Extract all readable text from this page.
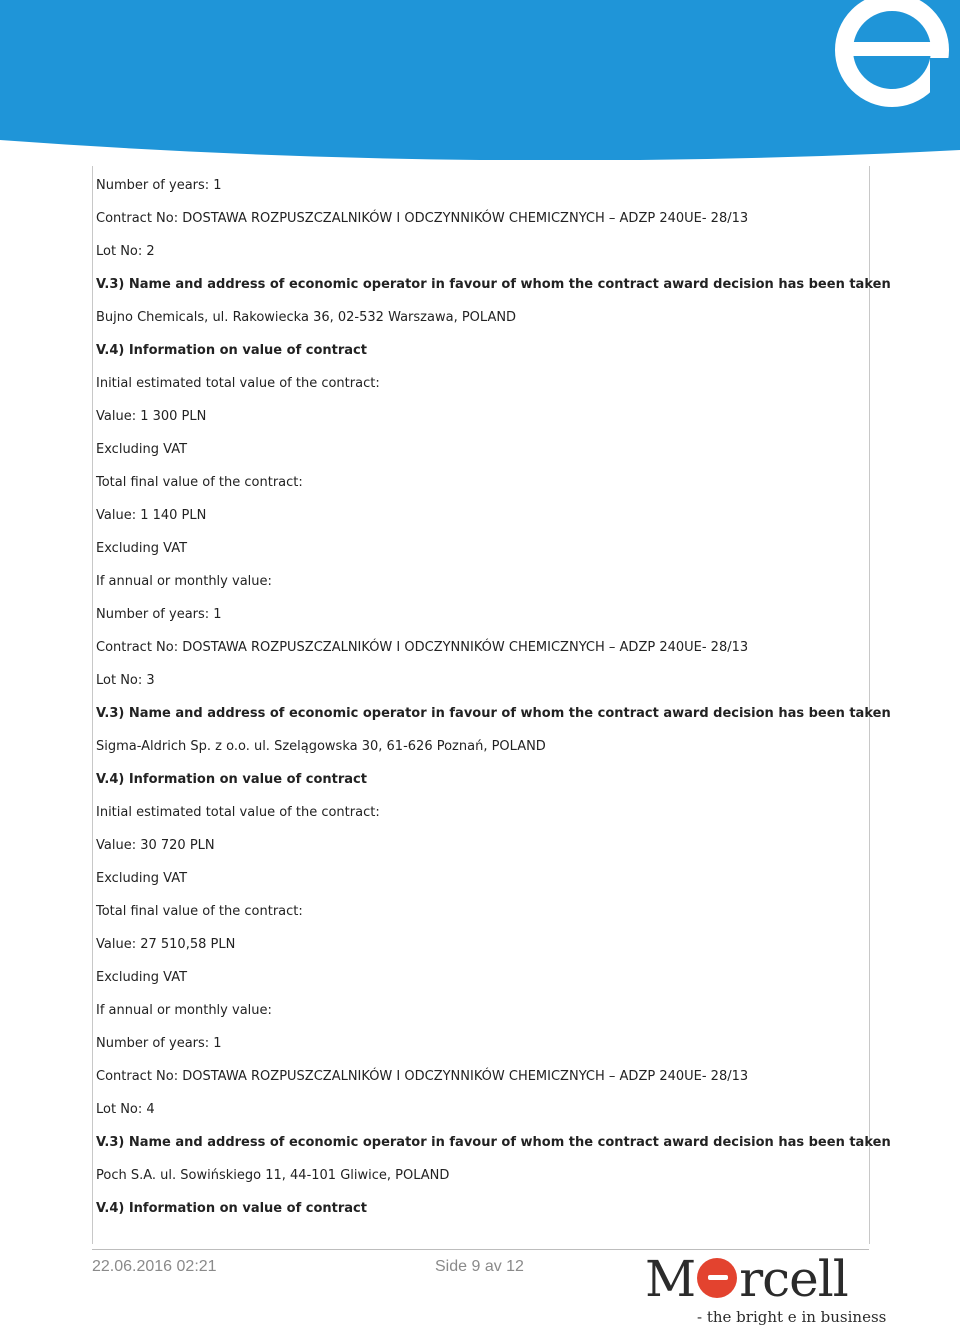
Number of years: 1
Contract No: DOSTAWA ROZPUSZCZALNIKÓW I ODCZYNNIKÓW CHEMICZNYCH – ADZP 240UE- 28/13
Lot No: 2
V.3) Name and address of economic operator in favour of whom the contract award decision has been taken
Bujno Chemicals, ul. Rakowiecka 36, 02-532 Warszawa, POLAND
V.4) Information on value of contract
Initial estimated total value of the contract:
Value: 1 300 PLN
Excluding VAT
Total final value of the contract:
Value: 1 140 PLN
Excluding VAT
If annual or monthly value:
Number of years: 1
Contract No: DOSTAWA ROZPUSZCZALNIKÓW I ODCZYNNIKÓW CHEMICZNYCH – ADZP 240UE- 28/13
Lot No: 3
V.3) Name and address of economic operator in favour of whom the contract award decision has been taken
Sigma-Aldrich Sp. z o.o. ul. Szelągowska 30, 61-626 Poznań, POLAND
V.4) Information on value of contract
Initial estimated total value of the contract:
Value: 30 720 PLN
Excluding VAT
Total final value of the contract:
Value: 27 510,58 PLN
Excluding VAT
If annual or monthly value:
Number of years: 1
Contract No: DOSTAWA ROZPUSZCZALNIKÓW I ODCZYNNIKÓW CHEMICZNYCH – ADZP 240UE- 28/13
Lot No: 4
V.3) Name and address of economic operator in favour of whom the contract award decision has been taken
Poch S.A. ul. Sowińskiego 11, 44-101 Gliwice, POLAND
V.4) Information on value of contract
22.06.2016 02:21	Side 9 av 12 M rcell
- the bright e in business
